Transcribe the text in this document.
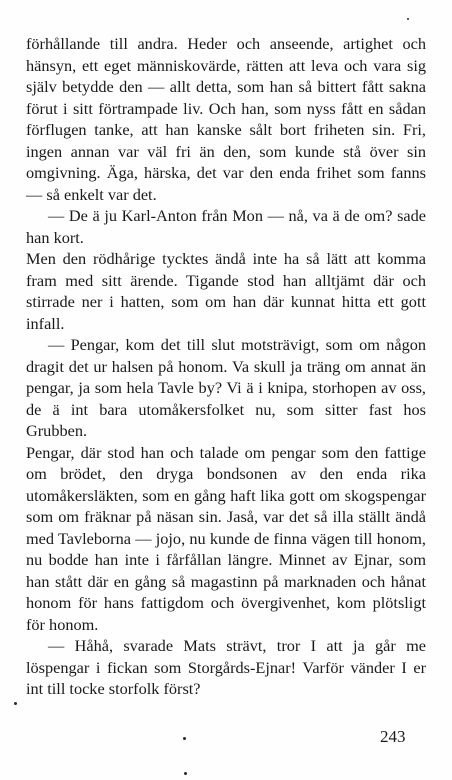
förhållande till andra. Heder och anseende, artighet och hänsyn, ett eget människovärde, rätten att leva och vara sig själv betydde den — allt detta, som han så bittert fått sakna förut i sitt förtrampade liv. Och han, som nyss fått en sådan förflugen tanke, att han kanske sålt bort friheten sin. Fri, ingen annan var väl fri än den, som kunde stå över sin omgivning. Äga, härska, det var den enda frihet som fanns — så enkelt var det.

— De ä ju Karl-Anton från Mon — nå, va ä de om? sade han kort.

Men den rödhårige tycktes ändå inte ha så lätt att komma fram med sitt ärende. Tigande stod han alltjämt där och stirrade ner i hatten, som om han där kunnat hitta ett gott infall.

— Pengar, kom det till slut motsträvigt, som om någon dragit det ur halsen på honom. Va skull ja träng om annat än pengar, ja som hela Tavle by? Vi ä i knipa, storhopen av oss, de ä int bara utomåkersfolket nu, som sitter fast hos Grubben.

Pengar, där stod han och talade om pengar som den fattige om brödet, den dryga bondsonen av den enda rika utomåkersläkten, som en gång haft lika gott om skogspengar som om fräknar på näsan sin. Jaså, var det så illa ställt ändå med Tavleborna — jojo, nu kunde de finna vägen till honom, nu bodde han inte i fårfållan längre. Minnet av Ejnar, som han stått där en gång så magastinn på marknaden och hånat honom för hans fattigdom och övergivenhet, kom plötsligt för honom.

— Håhå, svarade Mats strävt, tror I att ja går me löspengar i fickan som Storgårds-Ejnar! Varför vänder I er int till tocke storfolk först?

243
